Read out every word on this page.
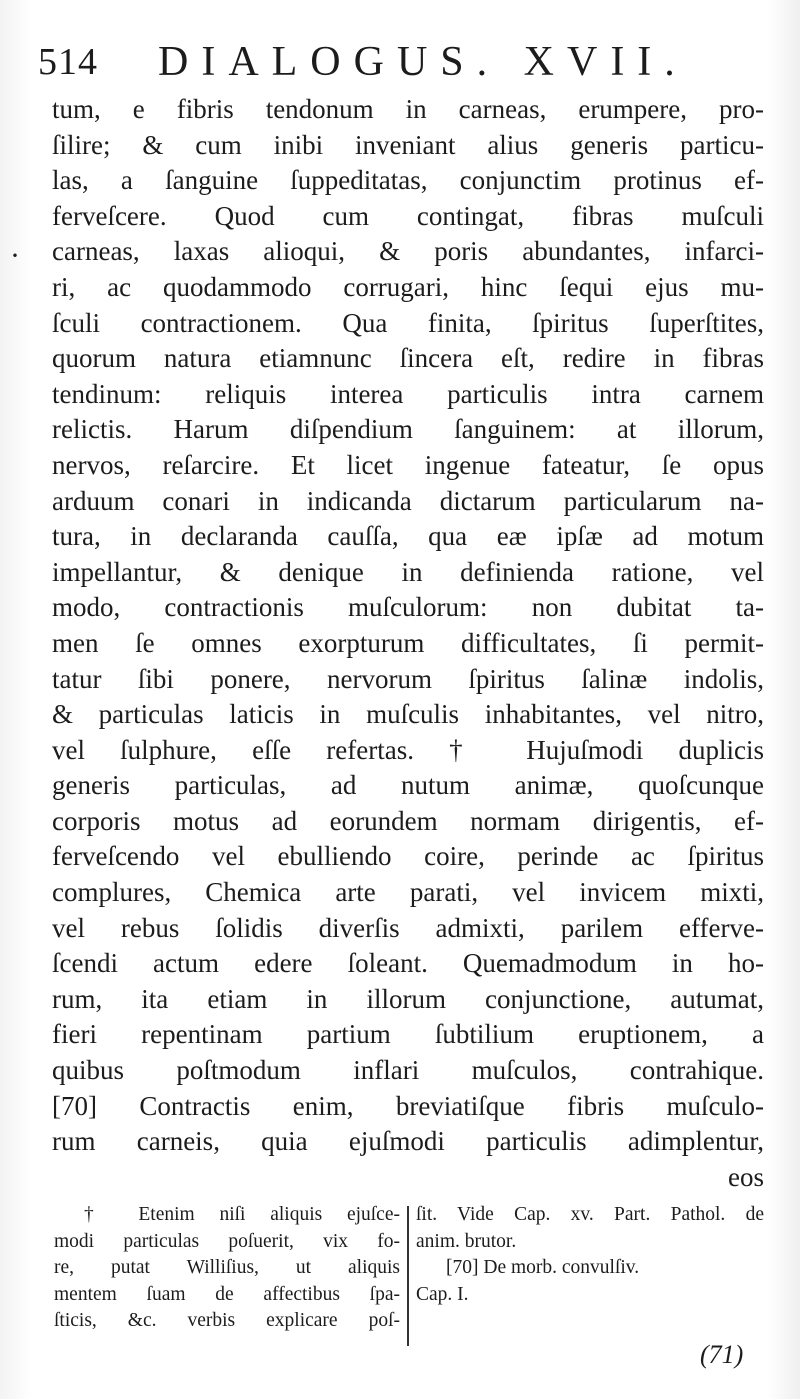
514 DIALOGUS. XVII.
·
tum, e fibris tendonum in carneas, erumpere, pro-
ſilire; & cum inibi inveniant alius generis particu-
las, a ſanguine ſuppeditatas, conjunctim protinus ef-
ferveſcere. Quod cum contingat, fibras muſculi
carneas, laxas alioqui, & poris abundantes, infarci-
ri, ac quodammodo corrugari, hinc ſequi ejus mu-
ſculi contractionem. Qua finita, ſpiritus ſuperſtites,
quorum natura etiamnunc ſincera eſt, redire in fibras
tendinum: reliquis interea particulis intra carnem
relictis. Harum diſpendium ſanguinem: at illorum,
nervos, reſarcire. Et licet ingenue fateatur, ſe opus
arduum conari in indicanda dictarum particularum na-
tura, in declaranda cauſſa, qua eæ ipſæ ad motum
impellantur, & denique in definienda ratione, vel
modo, contractionis muſculorum: non dubitat ta-
men ſe omnes exorpturum difficultates, ſi permit-
tatur ſibi ponere, nervorum ſpiritus ſalinæ indolis,
& particulas laticis in muſculis inhabitantes, vel nitro,
vel ſulphure, eſſe refertas. † Hujuſmodi duplicis
generis particulas, ad nutum animæ, quoſcunque
corporis motus ad eorundem normam dirigentis, ef-
ferveſcendo vel ebulliendo coire, perinde ac ſpiritus
complures, Chemica arte parati, vel invicem mixti,
vel rebus ſolidis diverſis admixti, parilem efferve-
ſcendi actum edere ſoleant. Quemadmodum in ho-
rum, ita etiam in illorum conjunctione, autumat,
fieri repentinam partium ſubtilium eruptionem, a
quibus poſtmodum inflari muſculos, contrahique.
[70] Contractis enim, breviatiſque fibris muſculo-
rum carneis, quia ejuſmodi particulis adimplentur,
eos
† Etenim niſi aliquis ejuſce-
modi particulas poſuerit, vix fo-
re, putat Williſius, ut aliquis
mentem ſuam de affectibus ſpa-
ſticis, &c. verbis explicare poſ-
ſit. Vide Cap. xv. Part. Pathol. de
anim. brutor.
[70] De morb. convulſiv.
Cap. I.
(71)
